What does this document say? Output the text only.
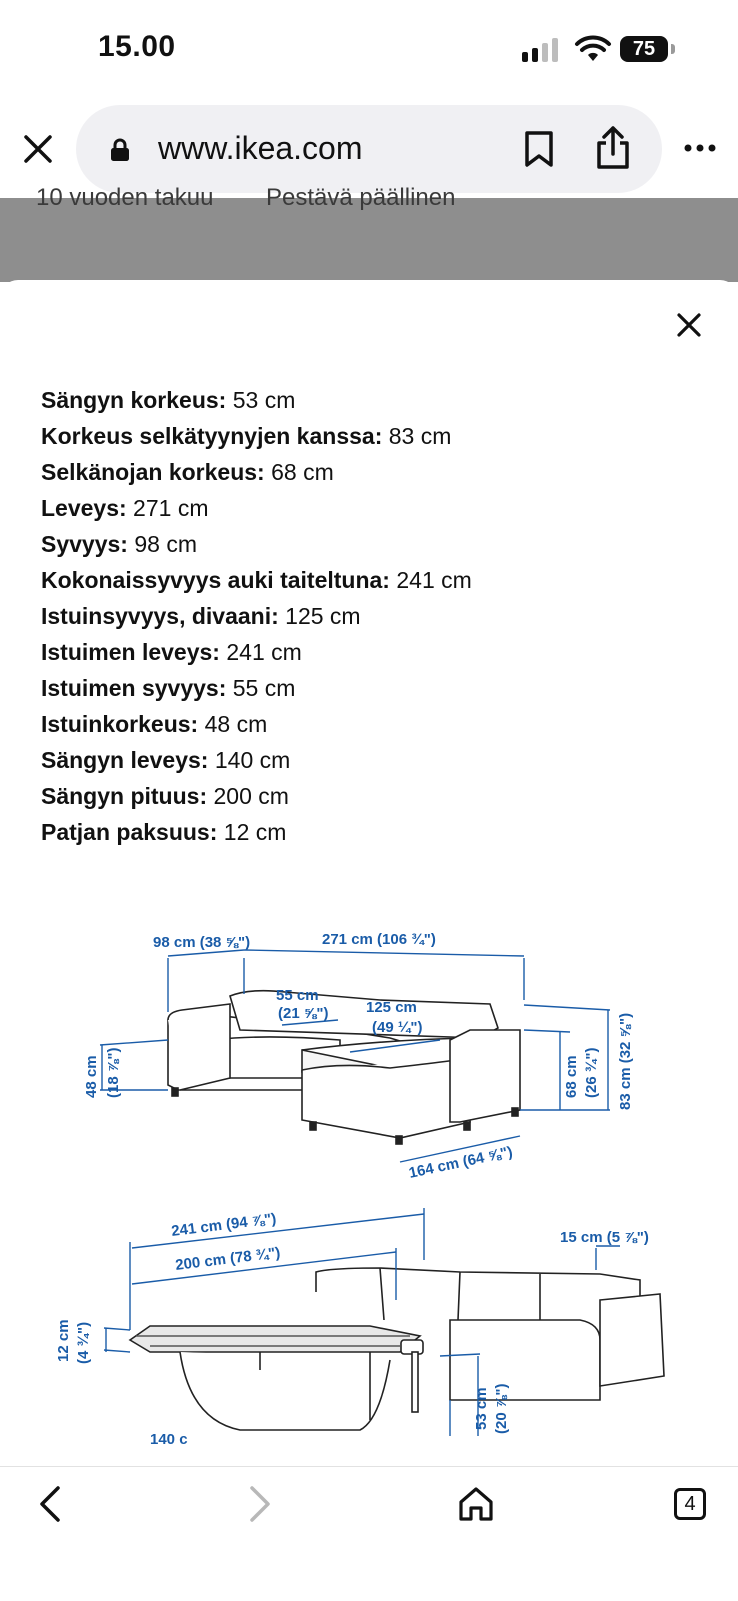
15.00	75
www.ikea.com
10 vuoden takuu Pestävä päällinen
Sängyn korkeus: 53 cm
Korkeus selkätyynyjen kanssa: 83 cm
Selkänojan korkeus: 68 cm
Leveys: 271 cm
Syvyys: 98 cm
Kokonaissyvyys auki taiteltuna: 241 cm
Istuinsyvyys, divaani: 125 cm
Istuimen leveys: 241 cm
Istuimen syvyys: 55 cm
Istuinkorkeus: 48 cm
Sängyn leveys: 140 cm
Sängyn pituus: 200 cm
Patjan paksuus: 12 cm
98 cm (38 ⅝")	271 cm (106 ¾")
55 cm
(21 ⅝")	125 cm
(49 ¼")
48 cm (18 ⅞")	68 cm (26 ¾") 83 cm (32 ⅝")
164 cm (64 ⅝")
241 cm (94 ⅞")
200 cm (78 ¾")
15 cm (5 ⅞")
12 cm (4 ¾")
53 cm (20 ⅞")
140 c
4
